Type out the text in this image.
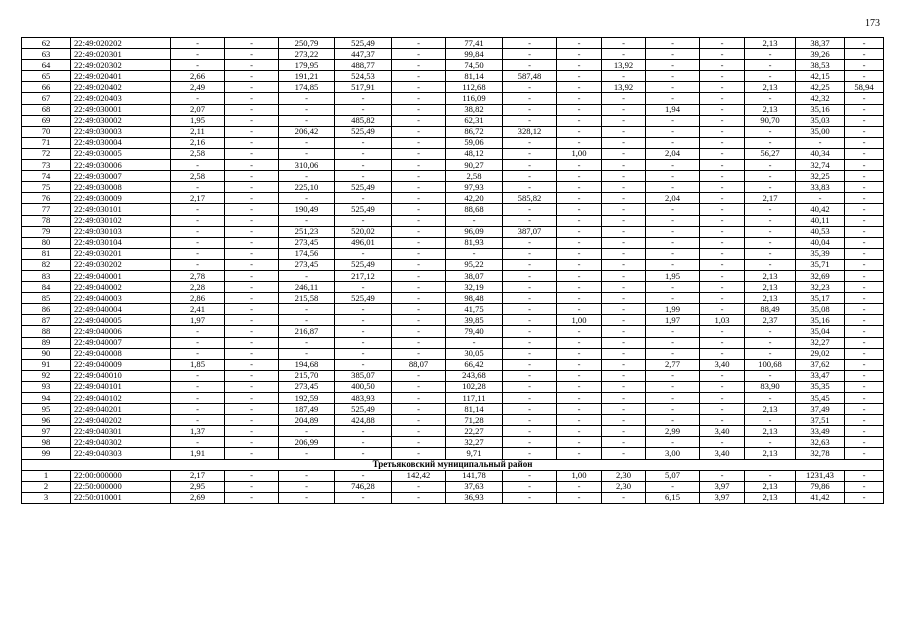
173
62	22:49:020202	-	-	250,79	525,49	-	77,41	-	-	-	-	-	2,13	38,37	-
63	22:49:020301	-	-	273,22	447,37	-	99,84	-	-	-	-	-	-	39,26	-
64	22:49:020302	-	-	179,95	488,77	-	74,50	-	-	13,92	-	-	-	38,53	-
65	22:49:020401	2,66	-	191,21	524,53	-	81,14	587,48	-	-	-	-	-	42,15	-
66	22:49:020402	2,49	-	174,85	517,91	-	112,68	-	-	13,92	-	-	2,13	42,25	58,94
67	22:49:020403	-	-	-	-	-	116,09	-	-	-	-	-	-	42,32	-
68	22:49:030001	2,07	-	-	-	-	38,82	-	-	-	1,94	-	2,13	35,16	-
69	22:49:030002	1,95	-	-	485,82	-	62,31	-	-	-	-	-	90,70	35,03	-
70	22:49:030003	2,11	-	206,42	525,49	-	86,72	328,12	-	-	-	-	-	35,00	-
71	22:49:030004	2,16	-	-	-	-	59,06	-	-	-	-	-	-	-	-
72	22:49:030005	2,58	-	-	-	-	48,12	-	1,00	-	2,04	-	56,27	40,34	-
73	22:49:030006	-	-	310,06	-	-	90,27	-	-	-	-	-	-	32,74	-
74	22:49:030007	2,58	-	-	-	-	2,58	-	-	-	-	-	-	32,25	-
75	22:49:030008	-	-	225,10	525,49	-	97,93	-	-	-	-	-	-	33,83	-
76	22:49:030009	2,17	-	-	-	-	42,20	585,82	-	-	2,04	-	2,17	-	-
77	22:49:030101	-	-	190,49	525,49	-	88,68	-	-	-	-	-	-	40,42	-
78	22:49:030102	-	-	-	-	-	-	-	-	-	-	-	-	40,11	-
79	22:49:030103	-	-	251,23	520,02	-	96,09	387,07	-	-	-	-	-	40,53	-
80	22:49:030104	-	-	273,45	496,01	-	81,93	-	-	-	-	-	-	40,04	-
81	22:49:030201	-	-	174,56	-	-	-	-	-	-	-	-	-	35,39	-
82	22:49:030202	-	-	273,45	525,49	-	95,22	-	-	-	-	-	-	35,71	-
83	22:49:040001	2,78	-	-	217,12	-	38,07	-	-	-	1,95	-	2,13	32,69	-
84	22:49:040002	2,28	-	246,11	-	-	32,19	-	-	-	-	-	2,13	32,23	-
85	22:49:040003	2,86	-	215,58	525,49	-	98,48	-	-	-	-	-	2,13	35,17	-
86	22:49:040004	2,41	-	-	-	-	41,75	-	-	-	1,99	-	88,49	35,08	-
87	22:49:040005	1,97	-	-	-	-	39,85	-	1,00	-	1,97	1,03	2,37	35,16	-
88	22:49:040006	-	-	216,87	-	-	79,40	-	-	-	-	-	-	35,04	-
89	22:49:040007	-	-	-	-	-	-	-	-	-	-	-	-	32,27	-
90	22:49:040008	-	-	-	-	-	30,05	-	-	-	-	-	-	29,02	-
91	22:49:040009	1,85	-	194,68	-	88,07	66,42	-	-	-	2,77	3,40	100,68	37,62	-
92	22:49:040010	-	-	215,70	385,07	-	243,68	-	-	-	-	-	-	33,47	-
93	22:49:040101	-	-	273,45	400,50	-	102,28	-	-	-	-	-	83,90	35,35	-
94	22:49:040102	-	-	192,59	483,93	-	117,11	-	-	-	-	-	-	35,45	-
95	22:49:040201	-	-	187,49	525,49	-	81,14	-	-	-	-	-	2,13	37,49	-
96	22:49:040202	-	-	204,89	424,88	-	71,28	-	-	-	-	-	-	37,51	-
97	22:49:040301	1,37	-	-	-	-	22,27	-	-	-	2,99	3,40	2,13	33,49	-
98	22:49:040302	-	-	206,99	-	-	32,27	-	-	-	-	-	-	32,63	-
99	22:49:040303	1,91	-	-	-	-	9,71	-	-	-	3,00	3,40	2,13	32,78	-
Третьяковский муниципальный район															
1	22:00:000000	2,17	-	-	-	142,42	141,78	-	1,00	2,30	5,07	-	-	1231,43	-
2	22:50:000000	2,95	-	-	746,28	-	37,63	-	-	2,30	-	3,97	2,13	79,86	-
3	22:50:010001	2,69	-	-	-	-	36,93	-	-	-	6,15	3,97	2,13	41,42	-
